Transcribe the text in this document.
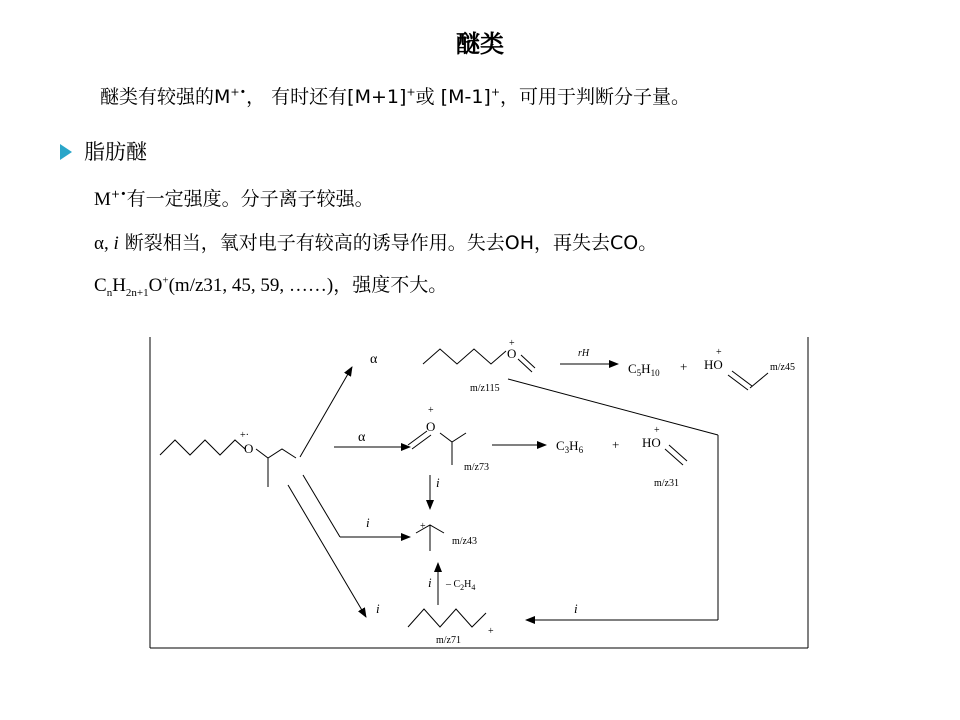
醚类
醚类有较强的M+•， 有时还有[M+1]+或 [M-1]+，可用于判断分子量。
脂肪醚
M+•有一定强度。分子离子较强。
α, i 断裂相当，氧对电子有较高的诱导作用。失去OH，再失去CO。
$C_nH_{2n+1}O^+(m/z31$, 45, 59, ……)，强度不大。
O
+·
α
α
i
i
O
+
m/z115
rH
$C_5H_{10}$ + HO
+
m/z45
O
+
m/z73
$C_3H_6$ + HO
+
m/z31
i
+
m/z43
i – $C_2H_4$
+
m/z71
i
